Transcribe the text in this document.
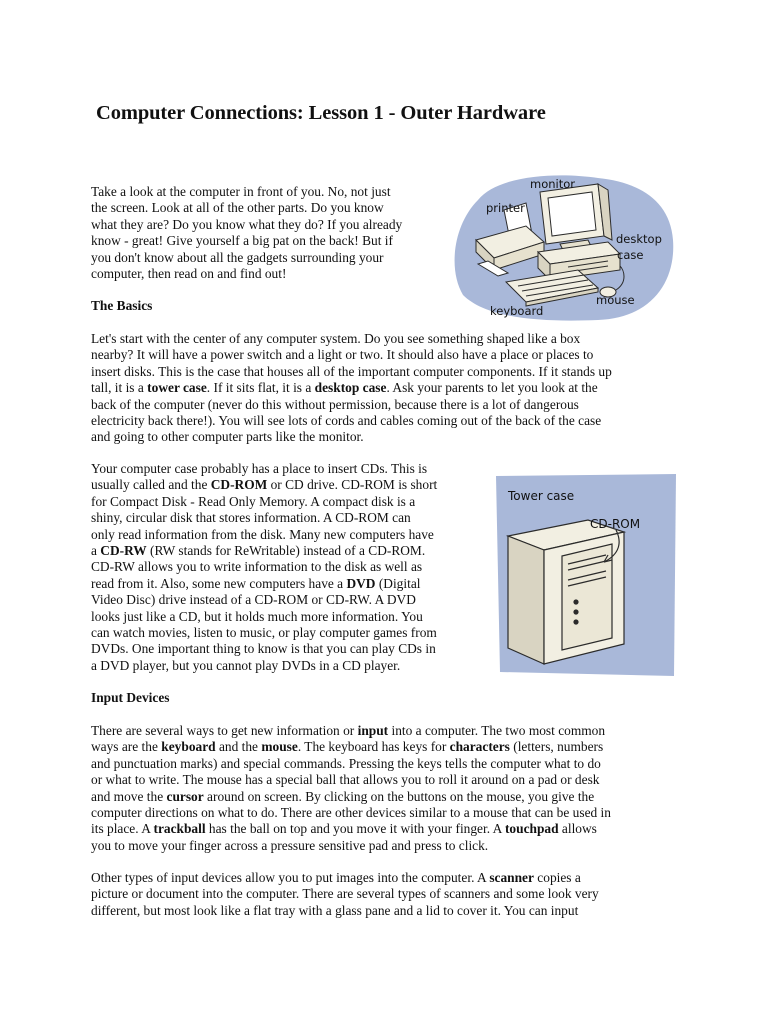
Computer Connections: Lesson 1 - Outer Hardware
monitor
printer
desktop
case
mouse
keyboard

Take a look at the computer in front of you. No, not just

the screen. Look at all of the other parts. Do you know

what they are? Do you know what they do? If you already

know - great! Give yourself a big pat on the back! But if

you don't know about all the gadgets surrounding your

computer, then read on and find out!

The Basics

Let's start with the center of any computer system. Do you see something shaped like a box

nearby? It will have a power switch and a light or two. It should also have a place or places to

insert disks. This is the case that houses all of the important computer components. If it stands up

tall, it is a tower case. If it sits flat, it is a desktop case. Ask your parents to let you look at the

back of the computer (never do this without permission, because there is a lot of dangerous

electricity back there!). You will see lots of cords and cables coming out of the back of the case

and going to other computer parts like the monitor.

Tower case
CD-ROM

Your computer case probably has a place to insert CDs. This is

usually called and the CD-ROM or CD drive. CD-ROM is short

for Compact Disk - Read Only Memory. A compact disk is a

shiny, circular disk that stores information. A CD-ROM can

only read information from the disk. Many new computers have

a CD-RW (RW stands for ReWritable) instead of a CD-ROM.

CD-RW allows you to write information to the disk as well as

read from it. Also, some new computers have a DVD (Digital

Video Disc) drive instead of a CD-ROM or CD-RW. A DVD

looks just like a CD, but it holds much more information. You

can watch movies, listen to music, or play computer games from

DVDs. One important thing to know is that you can play CDs in

a DVD player, but you cannot play DVDs in a CD player.

Input Devices

There are several ways to get new information or input into a computer. The two most common

ways are the keyboard and the mouse. The keyboard has keys for characters (letters, numbers

and punctuation marks) and special commands. Pressing the keys tells the computer what to do

or what to write. The mouse has a special ball that allows you to roll it around on a pad or desk

and move the cursor around on screen. By clicking on the buttons on the mouse, you give the

computer directions on what to do. There are other devices similar to a mouse that can be used in

its place. A trackball has the ball on top and you move it with your finger. A touchpad allows

you to move your finger across a pressure sensitive pad and press to click.

Other types of input devices allow you to put images into the computer. A scanner copies a

picture or document into the computer. There are several types of scanners and some look very

different, but most look like a flat tray with a glass pane and a lid to cover it. You can input
